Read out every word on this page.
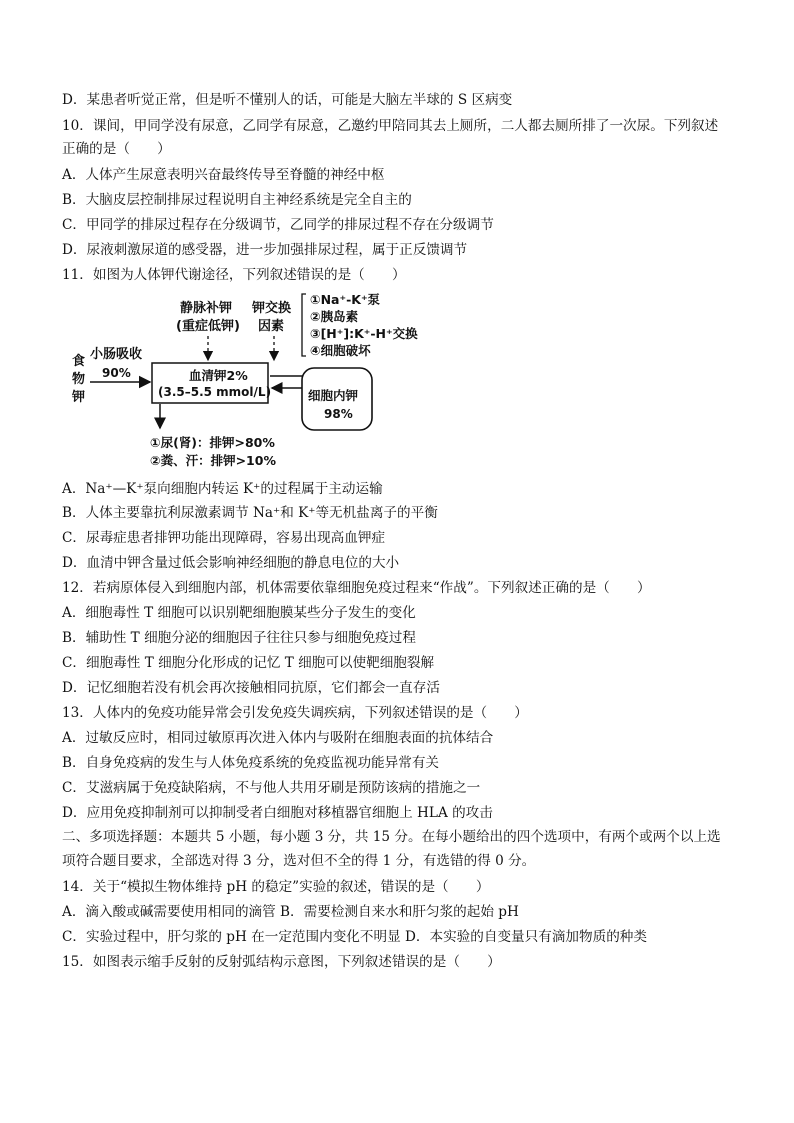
D．某患者听觉正常，但是听不懂别人的话，可能是大脑左半球的 S 区病变
10．课间，甲同学没有尿意，乙同学有尿意，乙邀约甲陪同其去上厕所，二人都去厕所排了一次尿。下列叙述
正确的是（　　）
A．人体产生尿意表明兴奋最终传导至脊髓的神经中枢
B．大脑皮层控制排尿过程说明自主神经系统是完全自主的
C．甲同学的排尿过程存在分级调节，乙同学的排尿过程不存在分级调节
D．尿液刺激尿道的感受器，进一步加强排尿过程，属于正反馈调节
11．如图为人体钾代谢途径，下列叙述错误的是（　　）
食
物
钾
小肠吸收
90%
静脉补钾
(重症低钾)
钾交换
因素
①Na⁺-K⁺泵
②胰岛素
③[H⁺]:K⁺-H⁺交换
④细胞破坏
血清钾2%
(3.5–5.5 mmol/L)	细胞内钾
98%
①尿(肾)：排钾>80%
②粪、汗：排钾>10%
A．Na⁺—K⁺泵向细胞内转运 K⁺的过程属于主动运输
B．人体主要靠抗利尿激素调节 Na⁺和 K⁺等无机盐离子的平衡
C．尿毒症患者排钾功能出现障碍，容易出现高血钾症
D．血清中钾含量过低会影响神经细胞的静息电位的大小
12．若病原体侵入到细胞内部，机体需要依靠细胞免疫过程来“作战”。下列叙述正确的是（　　）
A．细胞毒性 T 细胞可以识别靶细胞膜某些分子发生的变化
B．辅助性 T 细胞分泌的细胞因子往往只参与细胞免疫过程
C．细胞毒性 T 细胞分化形成的记忆 T 细胞可以使靶细胞裂解
D．记忆细胞若没有机会再次接触相同抗原，它们都会一直存活
13．人体内的免疫功能异常会引发免疫失调疾病，下列叙述错误的是（　　）
A．过敏反应时，相同过敏原再次进入体内与吸附在细胞表面的抗体结合
B．自身免疫病的发生与人体免疫系统的免疫监视功能异常有关
C．艾滋病属于免疫缺陷病，不与他人共用牙刷是预防该病的措施之一
D．应用免疫抑制剂可以抑制受者白细胞对移植器官细胞上 HLA 的攻击
二、多项选择题：本题共 5 小题，每小题 3 分，共 15 分。在每小题给出的四个选项中，有两个或两个以上选
项符合题目要求，全部选对得 3 分，选对但不全的得 1 分，有选错的得 0 分。
14．关于“模拟生物体维持 pH 的稳定”实验的叙述，错误的是（　　）
A．滴入酸或碱需要使用相同的滴管 B．需要检测自来水和肝匀浆的起始 pH
C．实验过程中，肝匀浆的 pH 在一定范围内变化不明显 D．本实验的自变量只有滴加物质的种类
15．如图表示缩手反射的反射弧结构示意图，下列叙述错误的是（　　）
